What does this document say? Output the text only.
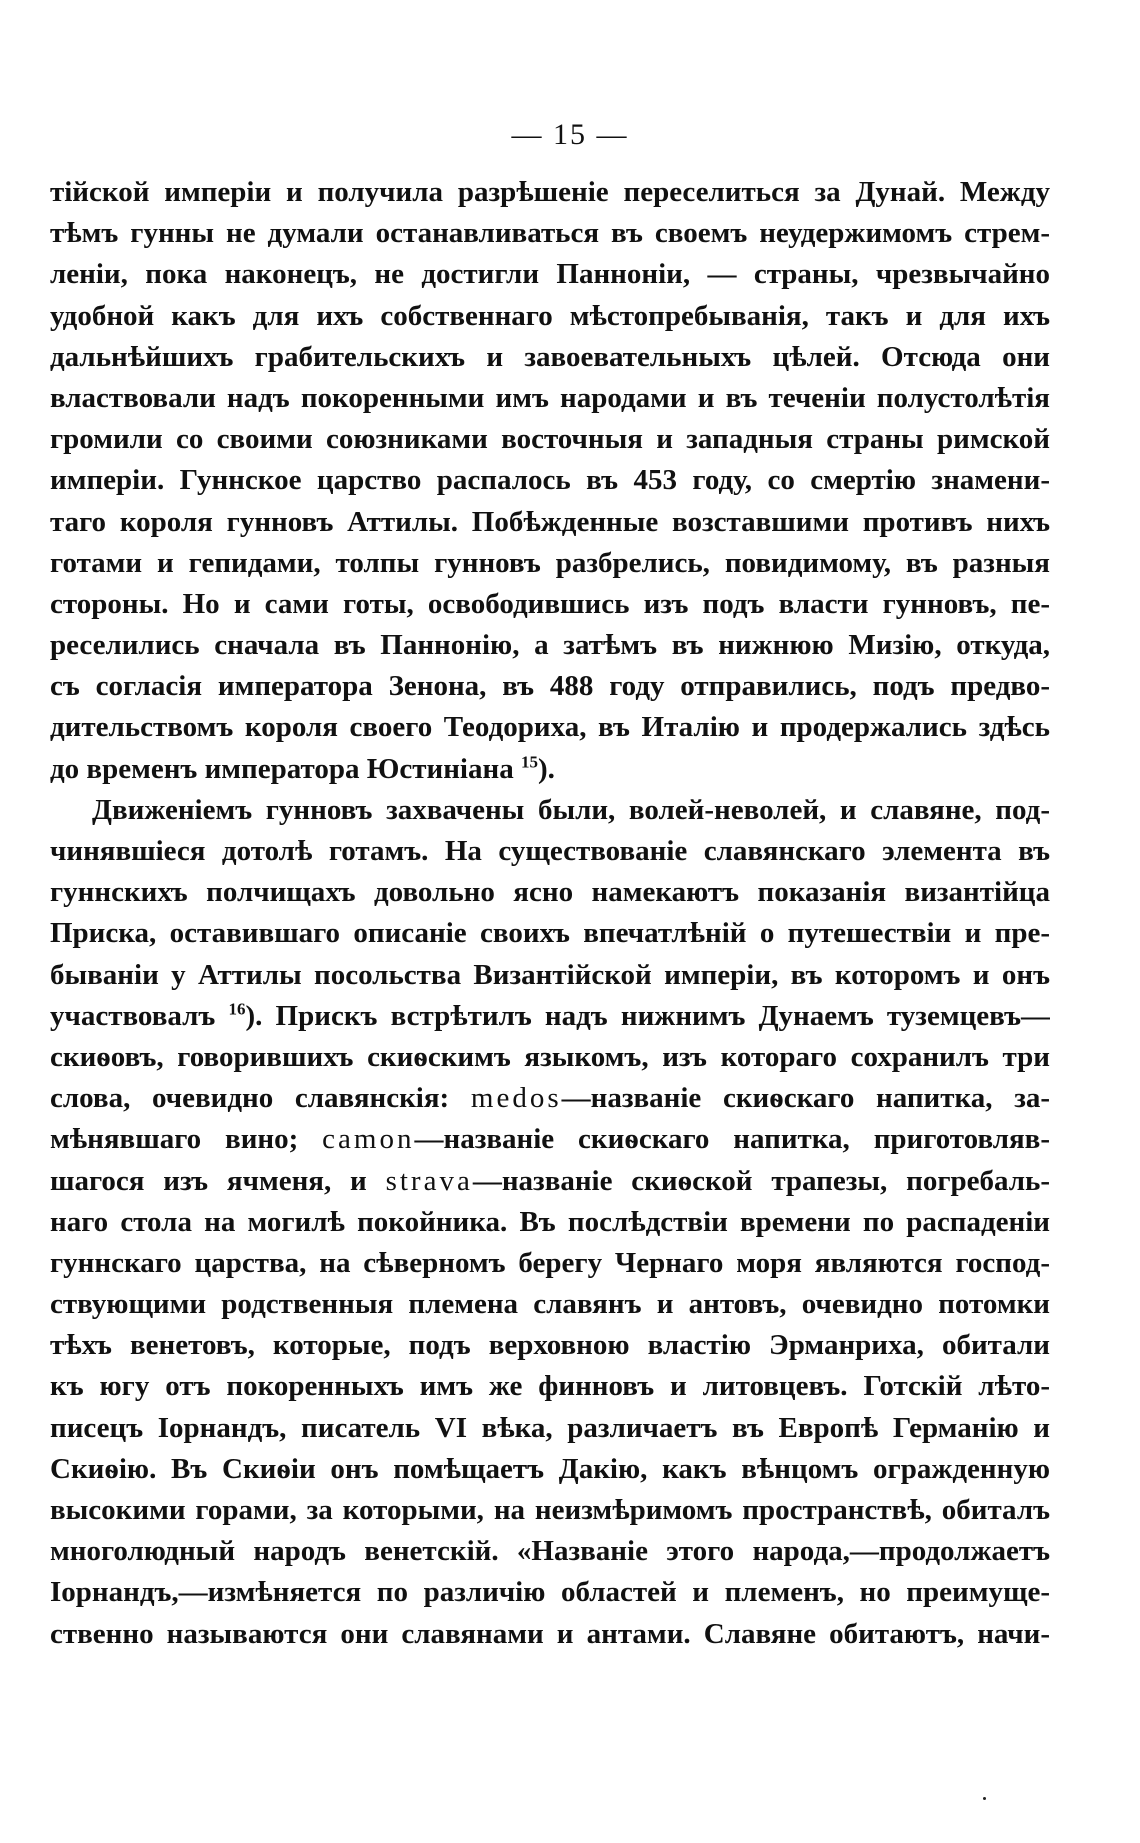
— 15 —
тійской имперіи и получила разрѣшеніе переселиться за Дунай. Между
тѣмъ гунны не думали останавливаться въ своемъ неудержимомъ стрем-
леніи, пока наконецъ, не достигли Панноніи, — страны, чрезвычайно
удобной какъ для ихъ собственнаго мѣстопребыванія, такъ и для ихъ
дальнѣйшихъ грабительскихъ и завоевательныхъ цѣлей. Отсюда они
властвовали надъ покоренными имъ народами и въ теченіи полустолѣтія
громили со своими союзниками восточныя и западныя страны римской
имперіи. Гуннское царство распалось въ 453 году, со смертію знамени-
таго короля гунновъ Аттилы. Побѣжденные возставшими противъ нихъ
готами и гепидами, толпы гунновъ разбрелись, повидимому, въ разныя
стороны. Но и сами готы, освободившись изъ подъ власти гунновъ, пе-
реселились сначала въ Паннонію, а затѣмъ въ нижнюю Мизію, откуда,
съ согласія императора Зенона, въ 488 году отправились, подъ предво-
дительствомъ короля своего Теодориха, въ Италію и продержались здѣсь
до временъ императора Юстиніана $^{15}$).
Движеніемъ гунновъ захвачены были, волей-неволей, и славяне, под-
чинявшіеся дотолѣ готамъ. На существованіе славянскаго элемента въ
гуннскихъ полчищахъ довольно ясно намекаютъ показанія византійца
Приска, оставившаго описаніе своихъ впечатлѣній о путешествіи и пре-
быванiи у Аттилы посольства Византійской имперіи, въ которомъ и онъ
участвовалъ $^{16}$). Прискъ встрѣтилъ надъ нижнимъ Дунаемъ туземцевъ—
скиѳовъ, говорившихъ скиѳскимъ языкомъ, изъ котораго сохранилъ три
слова, очевидно славянскія: medos—названіе скиѳскаго напитка, за-
мѣнявшаго вино; camon—названіе скиѳскаго напитка, приготовляв-
шагося изъ ячменя, и strava—названіе скиѳской трапезы, погребаль-
наго стола на могилѣ покойника. Въ послѣдствіи времени по распаденіи
гуннскаго царства, на сѣверномъ берегу Чернаго моря являются господ-
ствующими родственныя племена славянъ и антовъ, очевидно потомки
тѣхъ венетовъ, которые, подъ верховною властію Эрманриха, обитали
къ югу отъ покоренныхъ имъ же финновъ и литовцевъ. Готскій лѣто-
писецъ Іорнандъ, писатель VI вѣка, различаетъ въ Европѣ Германію и
Скиѳію. Въ Скиѳіи онъ помѣщаетъ Дакію, какъ вѣнцомъ огражденную
высокими горами, за которыми, на неизмѣримомъ пространствѣ, обиталъ
многолюдный народъ венетскій. «Названіе этого народа,—продолжаетъ
Іорнандъ,—измѣняется по различію областей и племенъ, но преимуще-
ственно называются они славянами и антами. Славяне обитаютъ, начи-
